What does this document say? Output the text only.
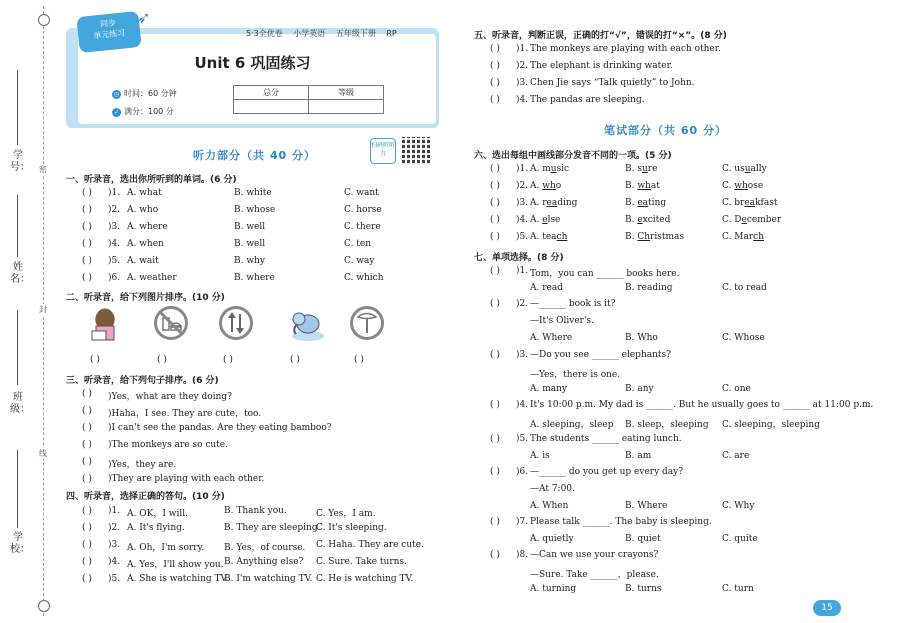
学号：
姓名：
班级：
学校：
密
封
线
同步
单元练习
➶
5·3全优卷 小学英语 五年级下册 RP
Unit 6 巩固练习
◷ 时间：60 分钟
✓ 满分：100 分
总分	等级

听力部分（共 40 分）
扫码听听力
一、听录音，选出你所听到的单词。(6 分)
( ) )1. A. what	B. white	C. want
( ) )2. A. who	B. whose	C. horse
( ) )3. A. where	B. well	C. there
( ) )4. A. when	B. well	C. ten
( ) )5. A. wait	B. why	C. way
( ) )6. A. weather	B. where	C. which
二、听录音，给下列图片排序。(10 分)
( )	( )	( )	( )	( )
三、听录音，给下列句子排序。(6 分)
( ) )Yes，what are they doing?
( ) )Haha，I see. They are cute，too.
( ) )I can't see the pandas. Are they eating bamboo?
( ) )The monkeys are so cute.
( ) )Yes，they are.
( ) )They are playing with each other.
四、听录音，选择正确的答句。(10 分)
( ) )1. A. OK，I will.	B. Thank you.	C. Yes，I am.
( ) )2. A. It's flying.	B. They are sleeping.
C. It's sleeping.
( ) )3. A. Oh，I'm sorry. B. Yes，of course. C. Haha. They are cute.
( ) )4. A. Yes，I'll show you. B. Anything else? C. Sure. Take turns.
( ) )5. A. She is watching TV.
B. I'm watching TV. C. He is watching TV.
五、听录音，判断正误，正确的打“√”，错误的打“×”。(8 分)
( ) )1. The monkeys are playing with each other.
( ) )2. The elephant is drinking water.
( ) )3. Chen Jie says “Talk quietly” to John.
( ) )4. The pandas are sleeping.
笔试部分（共 60 分）
六、选出每组中画线部分发音不同的一项。(5 分)
( ) )1. A. music	B. sure	C. usually
( ) )2. A. who	B. what	C. whose
( ) )3. A. reading	B. eating	C. breakfast
( ) )4. A. else	B. excited	C. December
( ) )5. A. teach	B. Christmas	C. March
七、单项选择。(8 分)
( ) )1. Tom，you can ______ books here.
A. read	B. reading	C. to read
( ) )2. —______ book is it?
—It's Oliver's.
A. Where	B. Who	C. Whose
( ) )3. —Do you see ______ elephants?
—Yes，there is one.
A. many	B. any	C. one
( ) )4. It's 10:00 p.m. My dad is ______. But he usually goes to ______ at 11:00 p.m.
A. sleeping，sleep B. sleep，sleeping C. sleeping，sleeping
( ) )5. The students ______ eating lunch.
A. is	B. am	C. are
( ) )6. —______ do you get up every day?
—At 7:00.
A. When	B. Where	C. Why
( ) )7. Please talk ______. The baby is sleeping.
A. quietly	B. quiet	C. quite
( ) )8. —Can we use your crayons?
—Sure. Take ______，please.
A. turning	B. turns	C. turn
15
